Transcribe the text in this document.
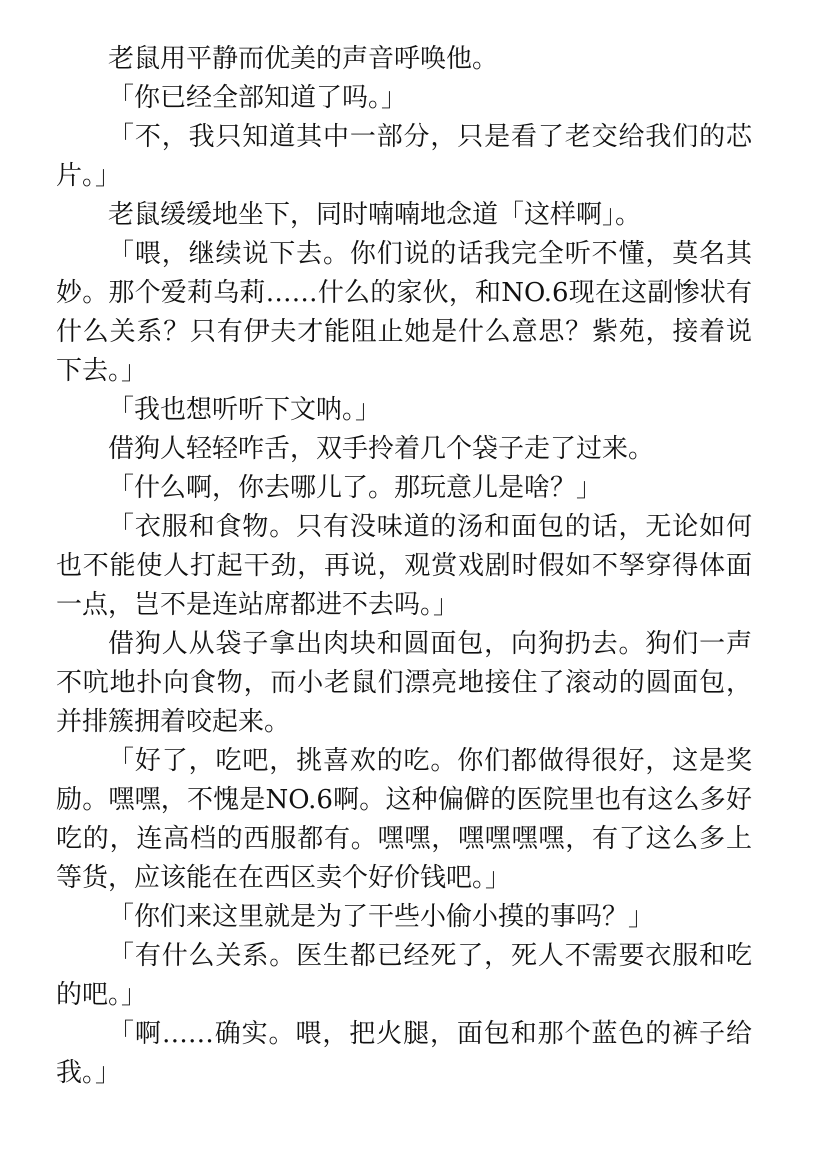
老鼠用平静而优美的声音呼唤他。

「你已经全部知道了吗。」

「不，我只知道其中一部分，只是看了老交给我们的芯片。」

老鼠缓缓地坐下，同时喃喃地念道「这样啊」。

「喂，继续说下去。你们说的话我完全听不懂，莫名其妙。那个爱莉乌莉……什么的家伙，和NO.6现在这副惨状有什么关系？只有伊夫才能阻止她是什么意思？紫苑，接着说下去。」

「我也想听听下文呐。」

借狗人轻轻咋舌，双手拎着几个袋子走了过来。

「什么啊，你去哪儿了。那玩意儿是啥？」

「衣服和食物。只有没味道的汤和面包的话，无论如何也不能使人打起干劲，再说，观赏戏剧时假如不孥穿得体面一点，岂不是连站席都进不去吗。」

借狗人从袋子拿出肉块和圆面包，向狗扔去。狗们一声不吭地扑向食物，而小老鼠们漂亮地接住了滚动的圆面包，并排簇拥着咬起来。

「好了，吃吧，挑喜欢的吃。你们都做得很好，这是奖励。嘿嘿，不愧是NO.6啊。这种偏僻的医院里也有这么多好吃的，连高档的西服都有。嘿嘿，嘿嘿嘿嘿，有了这么多上等货，应该能在在西区卖个好价钱吧。」

「你们来这里就是为了干些小偷小摸的事吗？」

「有什么关系。医生都已经死了，死人不需要衣服和吃的吧。」

「啊……确实。喂，把火腿，面包和那个蓝色的裤子给我。」
